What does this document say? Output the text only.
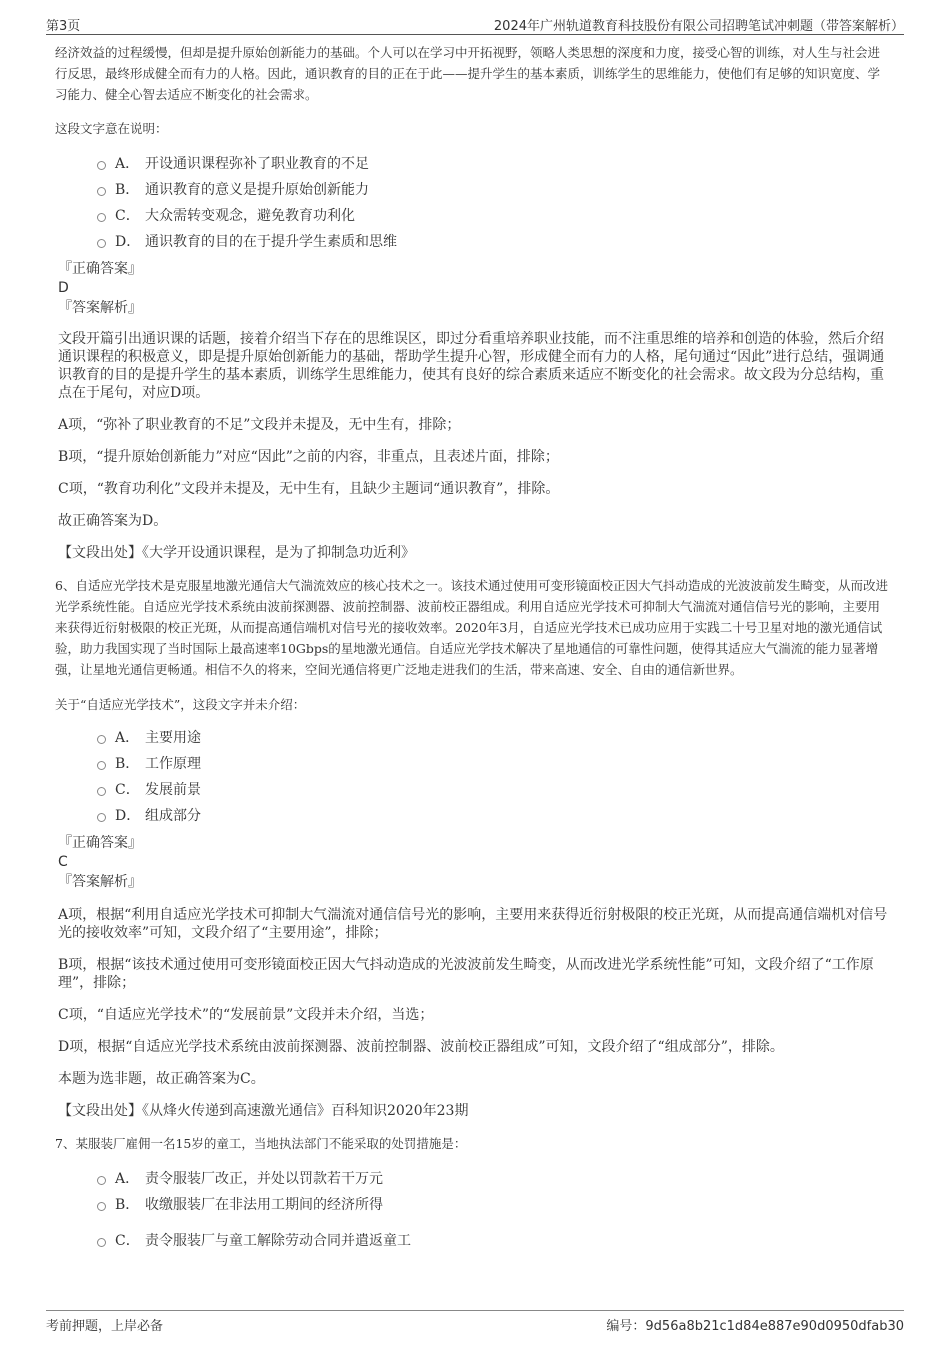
第3页	2024年广州轨道教育科技股份有限公司招聘笔试冲刺题（带答案解析）

经济效益的过程缓慢，但却是提升原始创新能力的基础。个人可以在学习中开拓视野，领略人类思想的深度和力度，接受心智的训练，对人生与社会进行反思，最终形成健全而有力的人格。因此，通识教育的目的正在于此——提升学生的基本素质，训练学生的思维能力，使他们有足够的知识宽度、学习能力、健全心智去适应不断变化的社会需求。

这段文字意在说明：

A． 开设通识课程弥补了职业教育的不足
B． 通识教育的意义是提升原始创新能力
C． 大众需转变观念，避免教育功利化
D． 通识教育的目的在于提升学生素质和思维

『正确答案』

D

『答案解析』

文段开篇引出通识课的话题，接着介绍当下存在的思维误区，即过分看重培养职业技能，而不注重思维的培养和创造的体验，然后介绍通识课程的积极意义，即是提升原始创新能力的基础，帮助学生提升心智，形成健全而有力的人格，尾句通过“因此”进行总结，强调通识教育的目的是提升学生的基本素质，训练学生思维能力，使其有良好的综合素质来适应不断变化的社会需求。故文段为分总结构，重点在于尾句，对应D项。

A项，“弥补了职业教育的不足”文段并未提及，无中生有，排除；

B项，“提升原始创新能力”对应“因此”之前的内容，非重点，且表述片面，排除；

C项，“教育功利化”文段并未提及，无中生有，且缺少主题词“通识教育”，排除。

故正确答案为D。

【文段出处】《大学开设通识课程，是为了抑制急功近利》

6、自适应光学技术是克服星地激光通信大气湍流效应的核心技术之一。该技术通过使用可变形镜面校正因大气抖动造成的光波波前发生畸变，从而改进光学系统性能。自适应光学技术系统由波前探测器、波前控制器、波前校正器组成。利用自适应光学技术可抑制大气湍流对通信信号光的影响，主要用来获得近衍射极限的校正光斑，从而提高通信端机对信号光的接收效率。2020年3月，自适应光学技术已成功应用于实践二十号卫星对地的激光通信试验，助力我国实现了当时国际上最高速率10Gbps的星地激光通信。自适应光学技术解决了星地通信的可靠性问题，使得其适应大气湍流的能力显著增强，让星地光通信更畅通。相信不久的将来，空间光通信将更广泛地走进我们的生活，带来高速、安全、自由的通信新世界。

关于“自适应光学技术”，这段文字并未介绍：

A． 主要用途
B． 工作原理
C． 发展前景
D． 组成部分

『正确答案』

C

『答案解析』

A项，根据“利用自适应光学技术可抑制大气湍流对通信信号光的影响，主要用来获得近衍射极限的校正光斑，从而提高通信端机对信号光的接收效率”可知，文段介绍了“主要用途”，排除；

B项，根据“该技术通过使用可变形镜面校正因大气抖动造成的光波波前发生畸变，从而改进光学系统性能”可知，文段介绍了“工作原理”，排除；

C项，“自适应光学技术”的“发展前景”文段并未介绍，当选；

D项，根据“自适应光学技术系统由波前探测器、波前控制器、波前校正器组成”可知，文段介绍了“组成部分”，排除。

本题为选非题，故正确答案为C。

【文段出处】《从烽火传递到高速激光通信》百科知识2020年23期

7、某服装厂雇佣一名15岁的童工，当地执法部门不能采取的处罚措施是：

A． 责令服装厂改正，并处以罚款若干万元
B． 收缴服装厂在非法用工期间的经济所得
C． 责令服装厂与童工解除劳动合同并遣返童工
考前押题，上岸必备	编号：9d56a8b21c1d84e887e90d0950dfab30
